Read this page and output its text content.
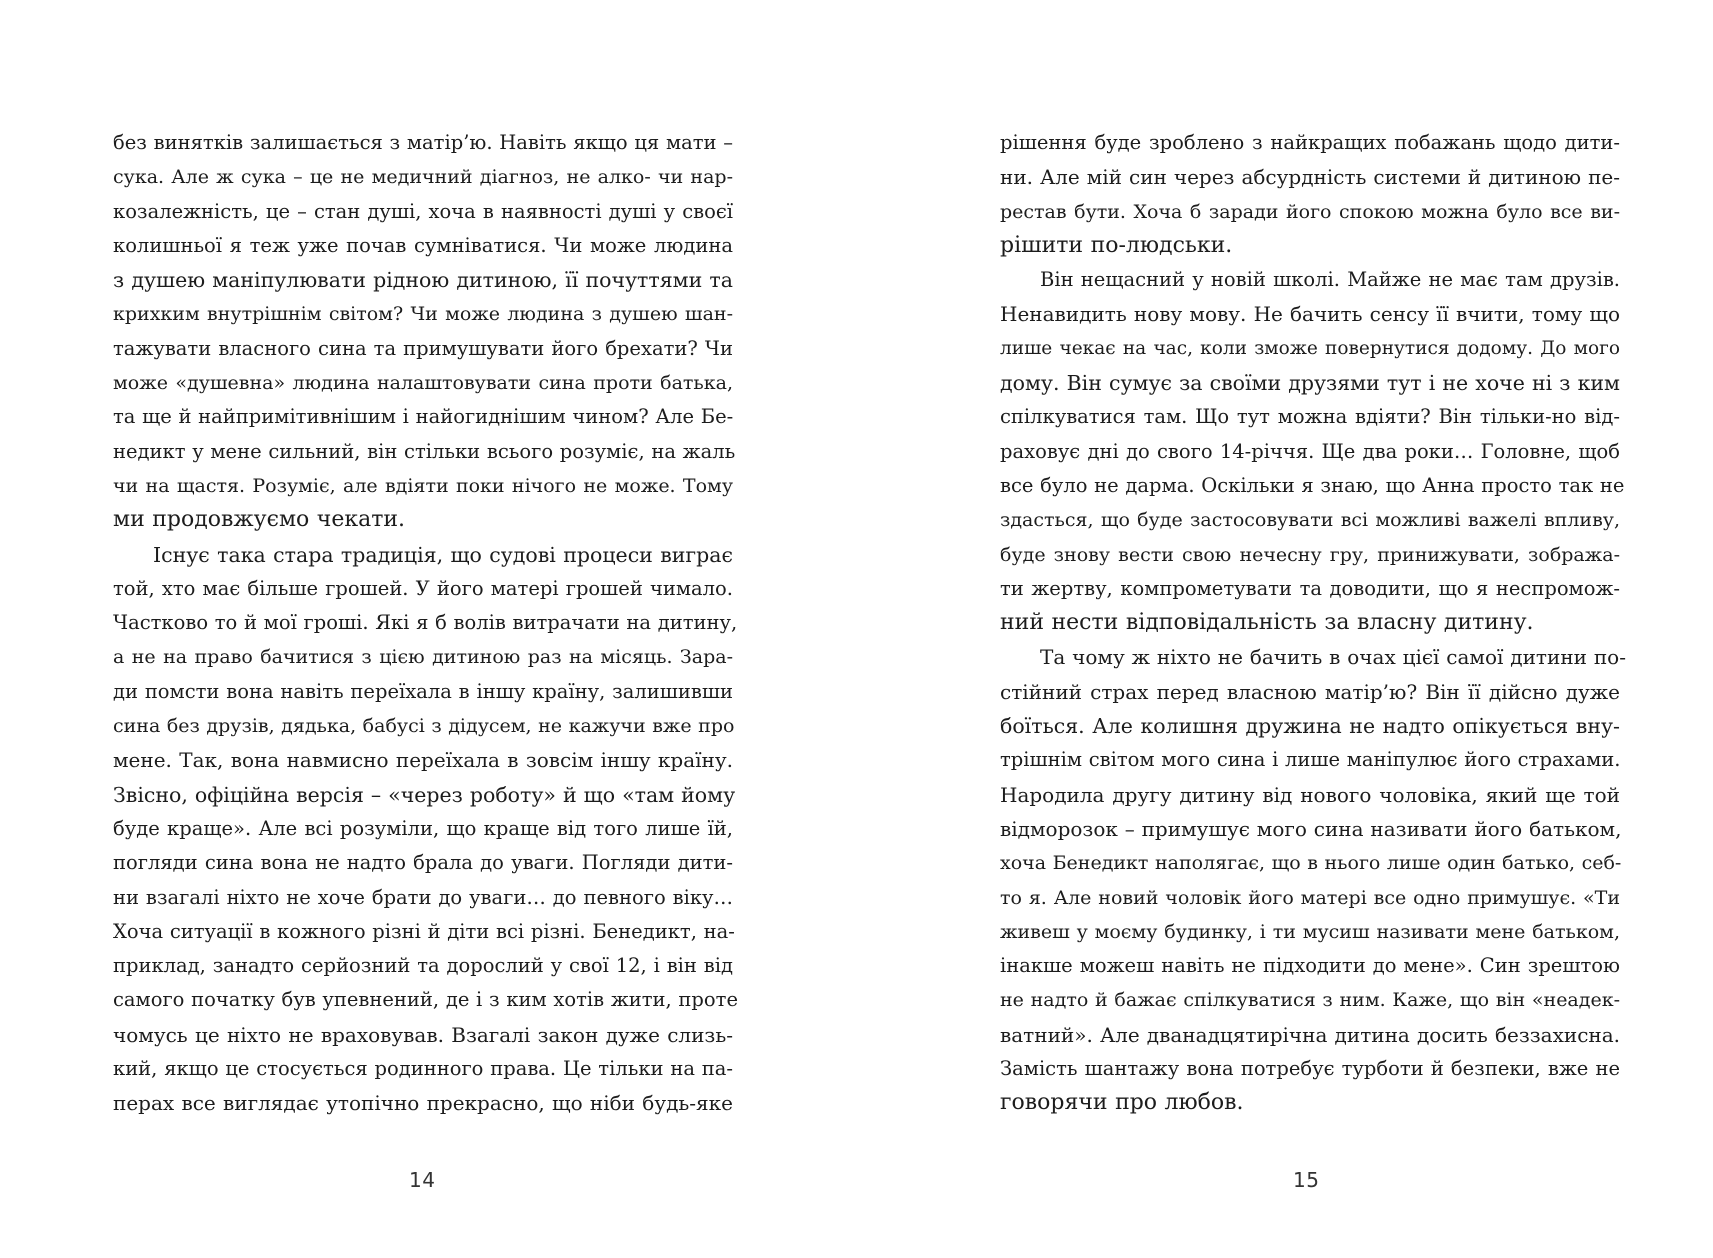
без винятків залишається з матір’ю. Навіть якщо ця мати –
сука. Але ж сука – це не медичний діагноз, не алко- чи нар-
козалежність, це – стан душі, хоча в наявності душі у своєї
колишньої я теж уже почав сумніватися. Чи може людина
з душею маніпулювати рідною дитиною, її почуттями та
крихким внутрішнім світом? Чи може людина з душею шан-
тажувати власного сина та примушувати його брехати? Чи
може «душевна» людина налаштовувати сина проти батька,
та ще й найпримітивнішим і найогиднішим чином? Але Бе-
недикт у мене сильний, він стільки всього розуміє, на жаль
чи на щастя. Розуміє, але вдіяти поки нічого не може. Тому
ми продовжуємо чекати.
Існує така стара традиція, що судові процеси виграє
той, хто має більше грошей. У його матері грошей чимало.
Частково то й мої гроші. Які я б волів витрачати на дитину,
а не на право бачитися з цією дитиною раз на місяць. Зара-
ди помсти вона навіть переїхала в іншу країну, залишивши
сина без друзів, дядька, бабусі з дідусем, не кажучи вже про
мене. Так, вона навмисно переїхала в зовсім іншу країну.
Звісно, офіційна версія – «через роботу» й що «там йому
буде краще». Але всі розуміли, що краще від того лише їй,
погляди сина вона не надто брала до уваги. Погляди дити-
ни взагалі ніхто не хоче брати до уваги… до певного віку…
Хоча ситуації в кожного різні й діти всі різні. Бенедикт, на-
приклад, занадто серйозний та дорослий у свої 12, і він від
самого початку був упевнений, де і з ким хотів жити, проте
чомусь це ніхто не враховував. Взагалі закон дуже слизь-
кий, якщо це стосується родинного права. Це тільки на па-
перах все виглядає утопічно прекрасно, що ніби будь-яке
14
рішення буде зроблено з найкращих побажань щодо дити-
ни. Але мій син через абсурдність системи й дитиною пе-
рестав бути. Хоча б заради його спокою можна було все ви-
рішити по-людськи.
Він нещасний у новій школі. Майже не має там друзів.
Ненавидить нову мову. Не бачить сенсу її вчити, тому що
лише чекає на час, коли зможе повернутися додому. До мого
дому. Він сумує за своїми друзями тут і не хоче ні з ким
спілкуватися там. Що тут можна вдіяти? Він тільки-но від-
раховує дні до свого 14-річчя. Ще два роки… Головне, щоб
все було не дарма. Оскільки я знаю, що Анна просто так не
здасться, що буде застосовувати всі можливі важелі впливу,
буде знову вести свою нечесну гру, принижувати, зобража-
ти жертву, компрометувати та доводити, що я неспромож-
ний нести відповідальність за власну дитину.
Та чому ж ніхто не бачить в очах цієї самої дитини по-
стійний страх перед власною матір’ю? Він її дійсно дуже
боїться. Але колишня дружина не надто опікується вну-
трішнім світом мого сина і лише маніпулює його страхами.
Народила другу дитину від нового чоловіка, який ще той
відморозок – примушує мого сина називати його батьком,
хоча Бенедикт наполягає, що в нього лише один батько, себ-
то я. Але новий чоловік його матері все одно примушує. «Ти
живеш у моєму будинку, і ти мусиш називати мене батьком,
інакше можеш навіть не підходити до мене». Син зрештою
не надто й бажає спілкуватися з ним. Каже, що він «неадек-
ватний». Але дванадцятирічна дитина досить беззахисна.
Замість шантажу вона потребує турботи й безпеки, вже не
говорячи про любов.
15
